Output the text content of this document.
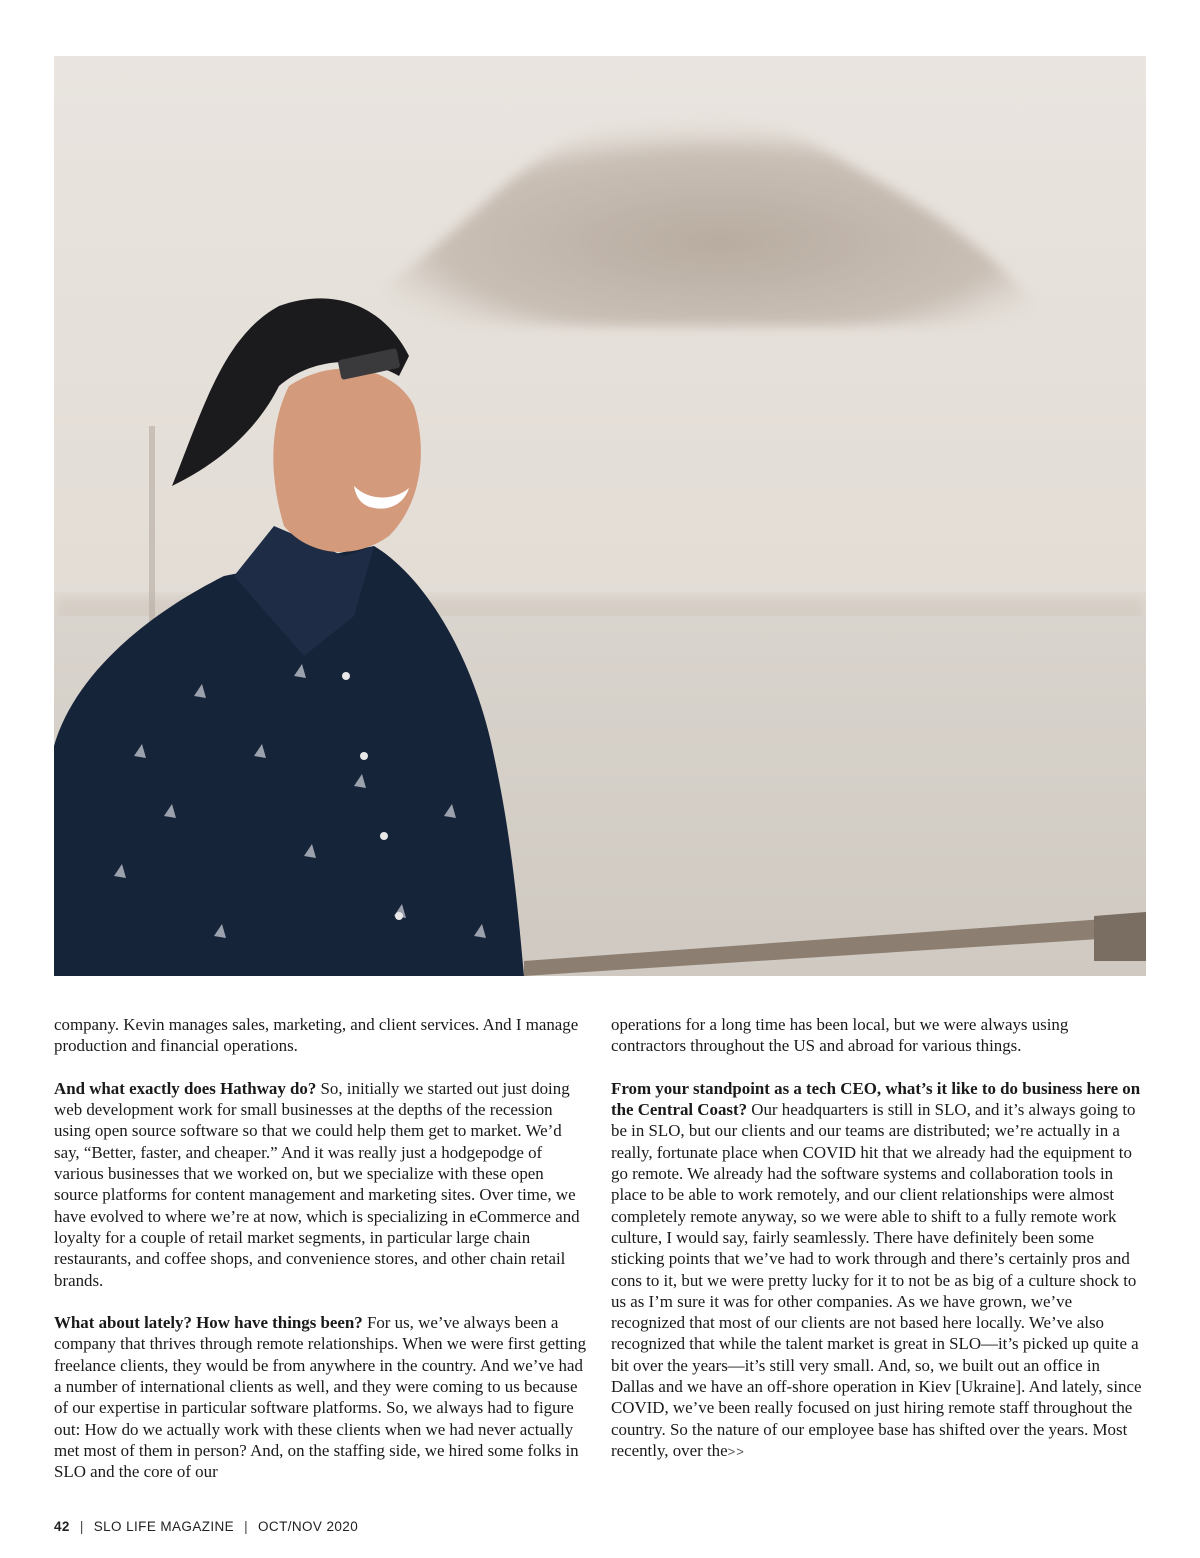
company. Kevin manages sales, marketing, and client services. And I manage production and financial operations.

And what exactly does Hathway do? So, initially we started out just doing web development work for small businesses at the depths of the recession using open source software so that we could help them get to market. We’d say, “Better, faster, and cheaper.” And it was really just a hodgepodge of various businesses that we worked on, but we specialize with these open source platforms for content management and marketing sites. Over time, we have evolved to where we’re at now, which is specializing in eCommerce and loyalty for a couple of retail market segments, in particular large chain restaurants, and coffee shops, and convenience stores, and other chain retail brands.

What about lately? How have things been? For us, we’ve always been a company that thrives through remote relationships. When we were first getting freelance clients, they would be from anywhere in the country. And we’ve had a number of international clients as well, and they were coming to us because of our expertise in particular software platforms. So, we always had to figure out: How do we actually work with these clients when we had never actually met most of them in person? And, on the staffing side, we hired some folks in SLO and the core of our

operations for a long time has been local, but we were always using contractors throughout the US and abroad for various things.

From your standpoint as a tech CEO, what’s it like to do business here on the Central Coast? Our headquarters is still in SLO, and it’s always going to be in SLO, but our clients and our teams are distributed; we’re actually in a really, fortunate place when COVID hit that we already had the equipment to go remote. We already had the software systems and collaboration tools in place to be able to work remotely, and our client relationships were almost completely remote anyway, so we were able to shift to a fully remote work culture, I would say, fairly seamlessly. There have definitely been some sticking points that we’ve had to work through and there’s certainly pros and cons to it, but we were pretty lucky for it to not be as big of a culture shock to us as I’m sure it was for other companies. As we have grown, we’ve recognized that most of our clients are not based here locally. We’ve also recognized that while the talent market is great in SLO—it’s picked up quite a bit over the years—it’s still very small. And, so, we built out an office in Dallas and we have an off-shore operation in Kiev [Ukraine]. And lately, since COVID, we’ve been really focused on just hiring remote staff throughout the country. So the nature of our employee base has shifted over the years. Most recently, over the>>

42 | SLO LIFE MAGAZINE | OCT/NOV 2020
